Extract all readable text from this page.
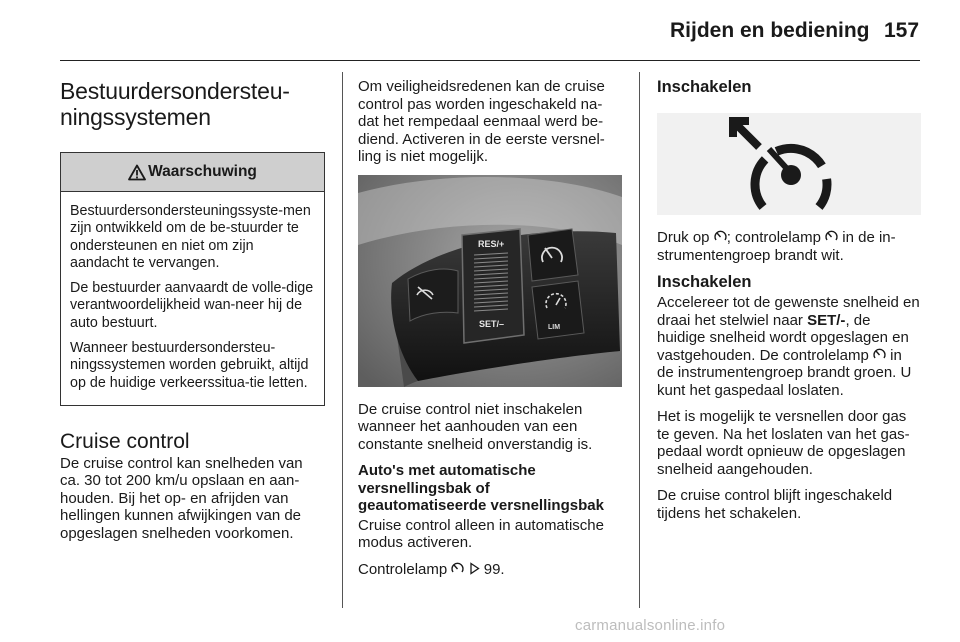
Rijden en bediening 157
Bestuurdersondersteu-
ningssystemen
Waarschuwing

Bestuurdersondersteuningssyste-men zijn ontwikkeld om de be-stuurder te ondersteunen en niet om zijn aandacht te vervangen.

De bestuurder aanvaardt de volle-dige verantwoordelijkheid wan-neer hij de auto bestuurt.

Wanneer bestuurdersondersteu-ningssystemen worden gebruikt, altijd op de huidige verkeerssitua-tie letten.

Cruise control

De cruise control kan snelheden van ca. 30 tot 200 km/u opslaan en aan-houden. Bij het op- en afrijden van hellingen kunnen afwijkingen van de opgeslagen snelheden voorkomen.

Om veiligheidsredenen kan de cruise control pas worden ingeschakeld na-dat het rempedaal eenmaal werd be-diend. Activeren in de eerste versnel-ling is niet mogelijk.

RES/+
SET/–	LIM

De cruise control niet inschakelen wanneer het aanhouden van een constante snelheid onverstandig is.

Auto's met automatische versnellingsbak of geautomatiseerde versnellingsbak

Cruise control alleen in automatische modus activeren.

Controlelamp 99.

Inschakelen

Druk op ; controlelamp in de in-strumentengroep brandt wit.

Inschakelen

Accelereer tot de gewenste snelheid en draai het stelwiel naar SET/-, de huidige snelheid wordt opgeslagen en vastgehouden. De controlelamp in de instrumentengroep brandt groen. U kunt het gaspedaal loslaten.

Het is mogelijk te versnellen door gas te geven. Na het loslaten van het gas-pedaal wordt opnieuw de opgeslagen snelheid aangehouden.

De cruise control blijft ingeschakeld tijdens het schakelen.

carmanualsonline.info
